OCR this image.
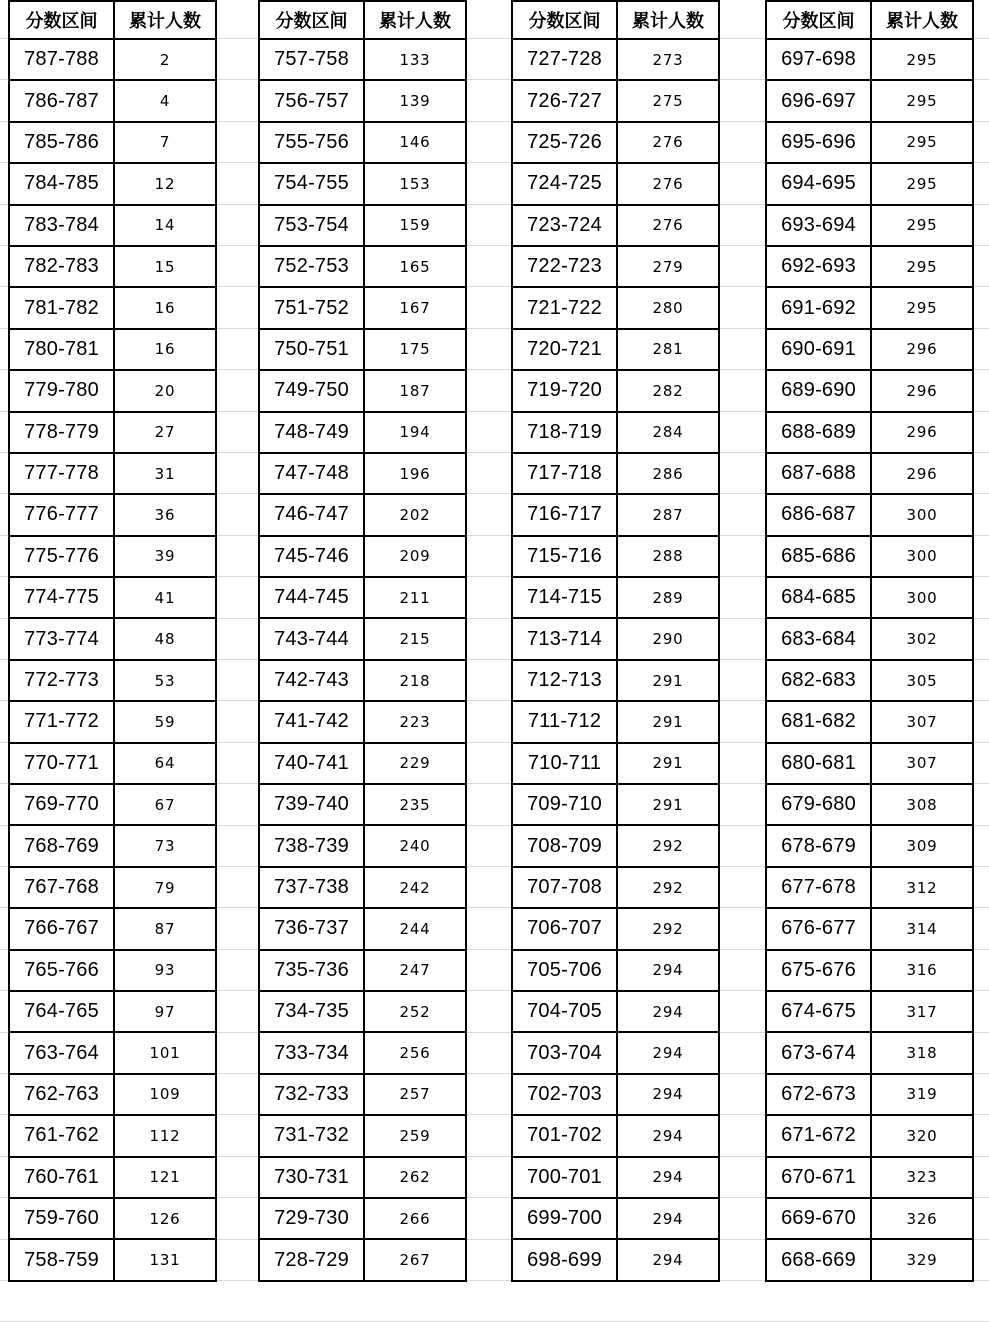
分数区间	累计人数
787-788	2
786-787	4
785-786	7
784-785	12
783-784	14
782-783	15
781-782	16
780-781	16
779-780	20
778-779	27
777-778	31
776-777	36
775-776	39
774-775	41
773-774	48
772-773	53
771-772	59
770-771	64
769-770	67
768-769	73
767-768	79
766-767	87
765-766	93
764-765	97
763-764	101
762-763	109
761-762	112
760-761	121
759-760	126
758-759	131
分数区间	累计人数
757-758	133
756-757	139
755-756	146
754-755	153
753-754	159
752-753	165
751-752	167
750-751	175
749-750	187
748-749	194
747-748	196
746-747	202
745-746	209
744-745	211
743-744	215
742-743	218
741-742	223
740-741	229
739-740	235
738-739	240
737-738	242
736-737	244
735-736	247
734-735	252
733-734	256
732-733	257
731-732	259
730-731	262
729-730	266
728-729	267
分数区间	累计人数
727-728	273
726-727	275
725-726	276
724-725	276
723-724	276
722-723	279
721-722	280
720-721	281
719-720	282
718-719	284
717-718	286
716-717	287
715-716	288
714-715	289
713-714	290
712-713	291
711-712	291
710-711	291
709-710	291
708-709	292
707-708	292
706-707	292
705-706	294
704-705	294
703-704	294
702-703	294
701-702	294
700-701	294
699-700	294
698-699	294
分数区间	累计人数
697-698	295
696-697	295
695-696	295
694-695	295
693-694	295
692-693	295
691-692	295
690-691	296
689-690	296
688-689	296
687-688	296
686-687	300
685-686	300
684-685	300
683-684	302
682-683	305
681-682	307
680-681	307
679-680	308
678-679	309
677-678	312
676-677	314
675-676	316
674-675	317
673-674	318
672-673	319
671-672	320
670-671	323
669-670	326
668-669	329
